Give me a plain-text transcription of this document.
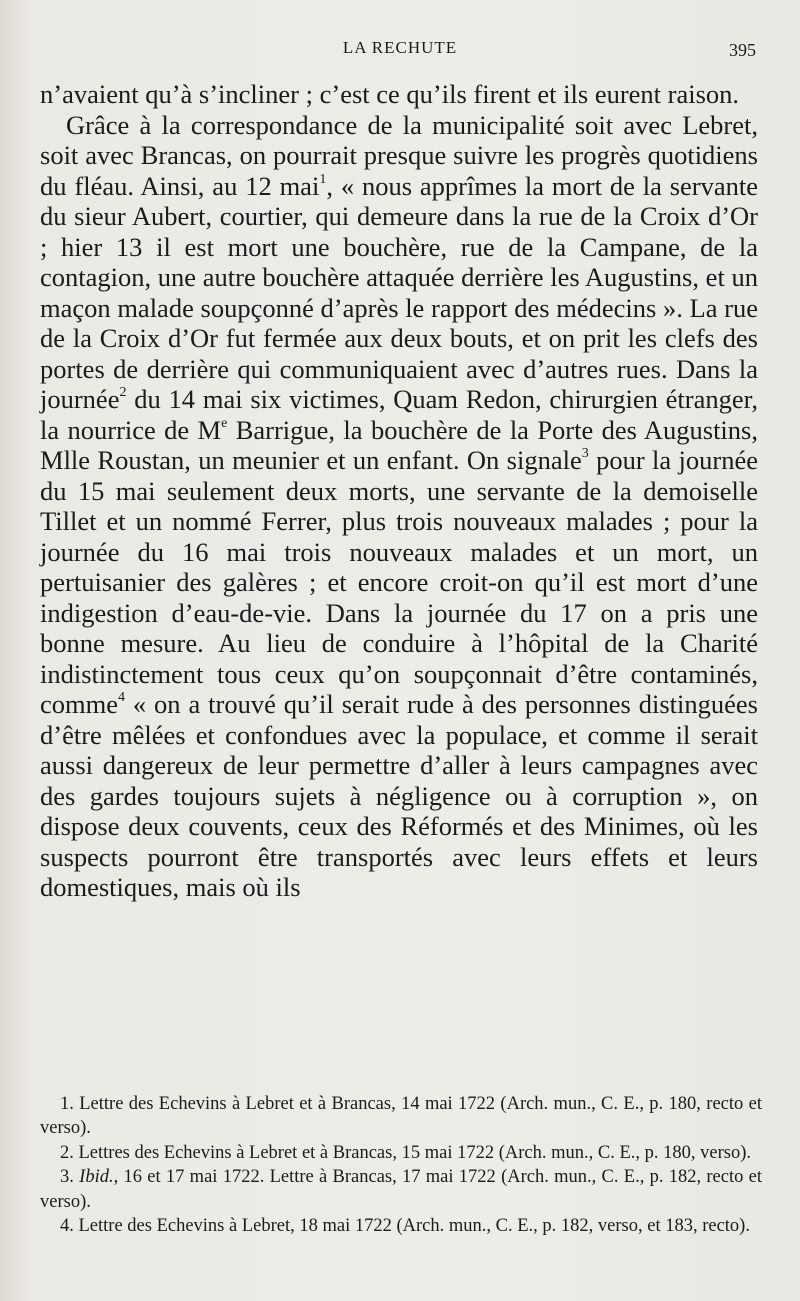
LA RECHUTE	395

n’avaient qu’à s’incliner ; c’est ce qu’ils firent et ils eurent raison.

Grâce à la correspondance de la municipalité soit avec Lebret, soit avec Brancas, on pourrait presque suivre les progrès quotidiens du fléau. Ainsi, au 12 mai$^1$, « nous apprîmes la mort de la servante du sieur Aubert, courtier, qui demeure dans la rue de la Croix d’Or ; hier 13 il est mort une bouchère, rue de la Campane, de la contagion, une autre bouchère attaquée derrière les Augustins, et un maçon malade soupçonné d’après le rapport des médecins ». La rue de la Croix d’Or fut fermée aux deux bouts, et on prit les clefs des portes de derrière qui communiquaient avec d’autres rues. Dans la journée$^2$ du 14 mai six victimes, Quam Redon, chirurgien étranger, la nourrice de Me Barrigue, la bouchère de la Porte des Augustins, Mlle Roustan, un meunier et un enfant. On signale$^3$ pour la journée du 15 mai seulement deux morts, une servante de la demoiselle Tillet et un nommé Ferrer, plus trois nouveaux malades ; pour la journée du 16 mai trois nouveaux malades et un mort, un pertuisanier des galères ; et encore croit-on qu’il est mort d’une indigestion d’eau-de-vie. Dans la journée du 17 on a pris une bonne mesure. Au lieu de conduire à l’hôpital de la Charité indistinctement tous ceux qu’on soupçonnait d’être contaminés, comme$^4$ « on a trouvé qu’il serait rude à des personnes distinguées d’être mêlées et confondues avec la populace, et comme il serait aussi dangereux de leur permettre d’aller à leurs campagnes avec des gardes toujours sujets à négligence ou à corruption », on dispose deux couvents, ceux des Réformés et des Minimes, où les suspects pourront être transportés avec leurs effets et leurs domestiques, mais où ils

1. Lettre des Echevins à Lebret et à Brancas, 14 mai 1722 (Arch. mun., C. E., p. 180, recto et verso).

2. Lettres des Echevins à Lebret et à Brancas, 15 mai 1722 (Arch. mun., C. E., p. 180, verso).

3. Ibid., 16 et 17 mai 1722. Lettre à Brancas, 17 mai 1722 (Arch. mun., C. E., p. 182, recto et verso).

4. Lettre des Echevins à Lebret, 18 mai 1722 (Arch. mun., C. E., p. 182, verso, et 183, recto).
